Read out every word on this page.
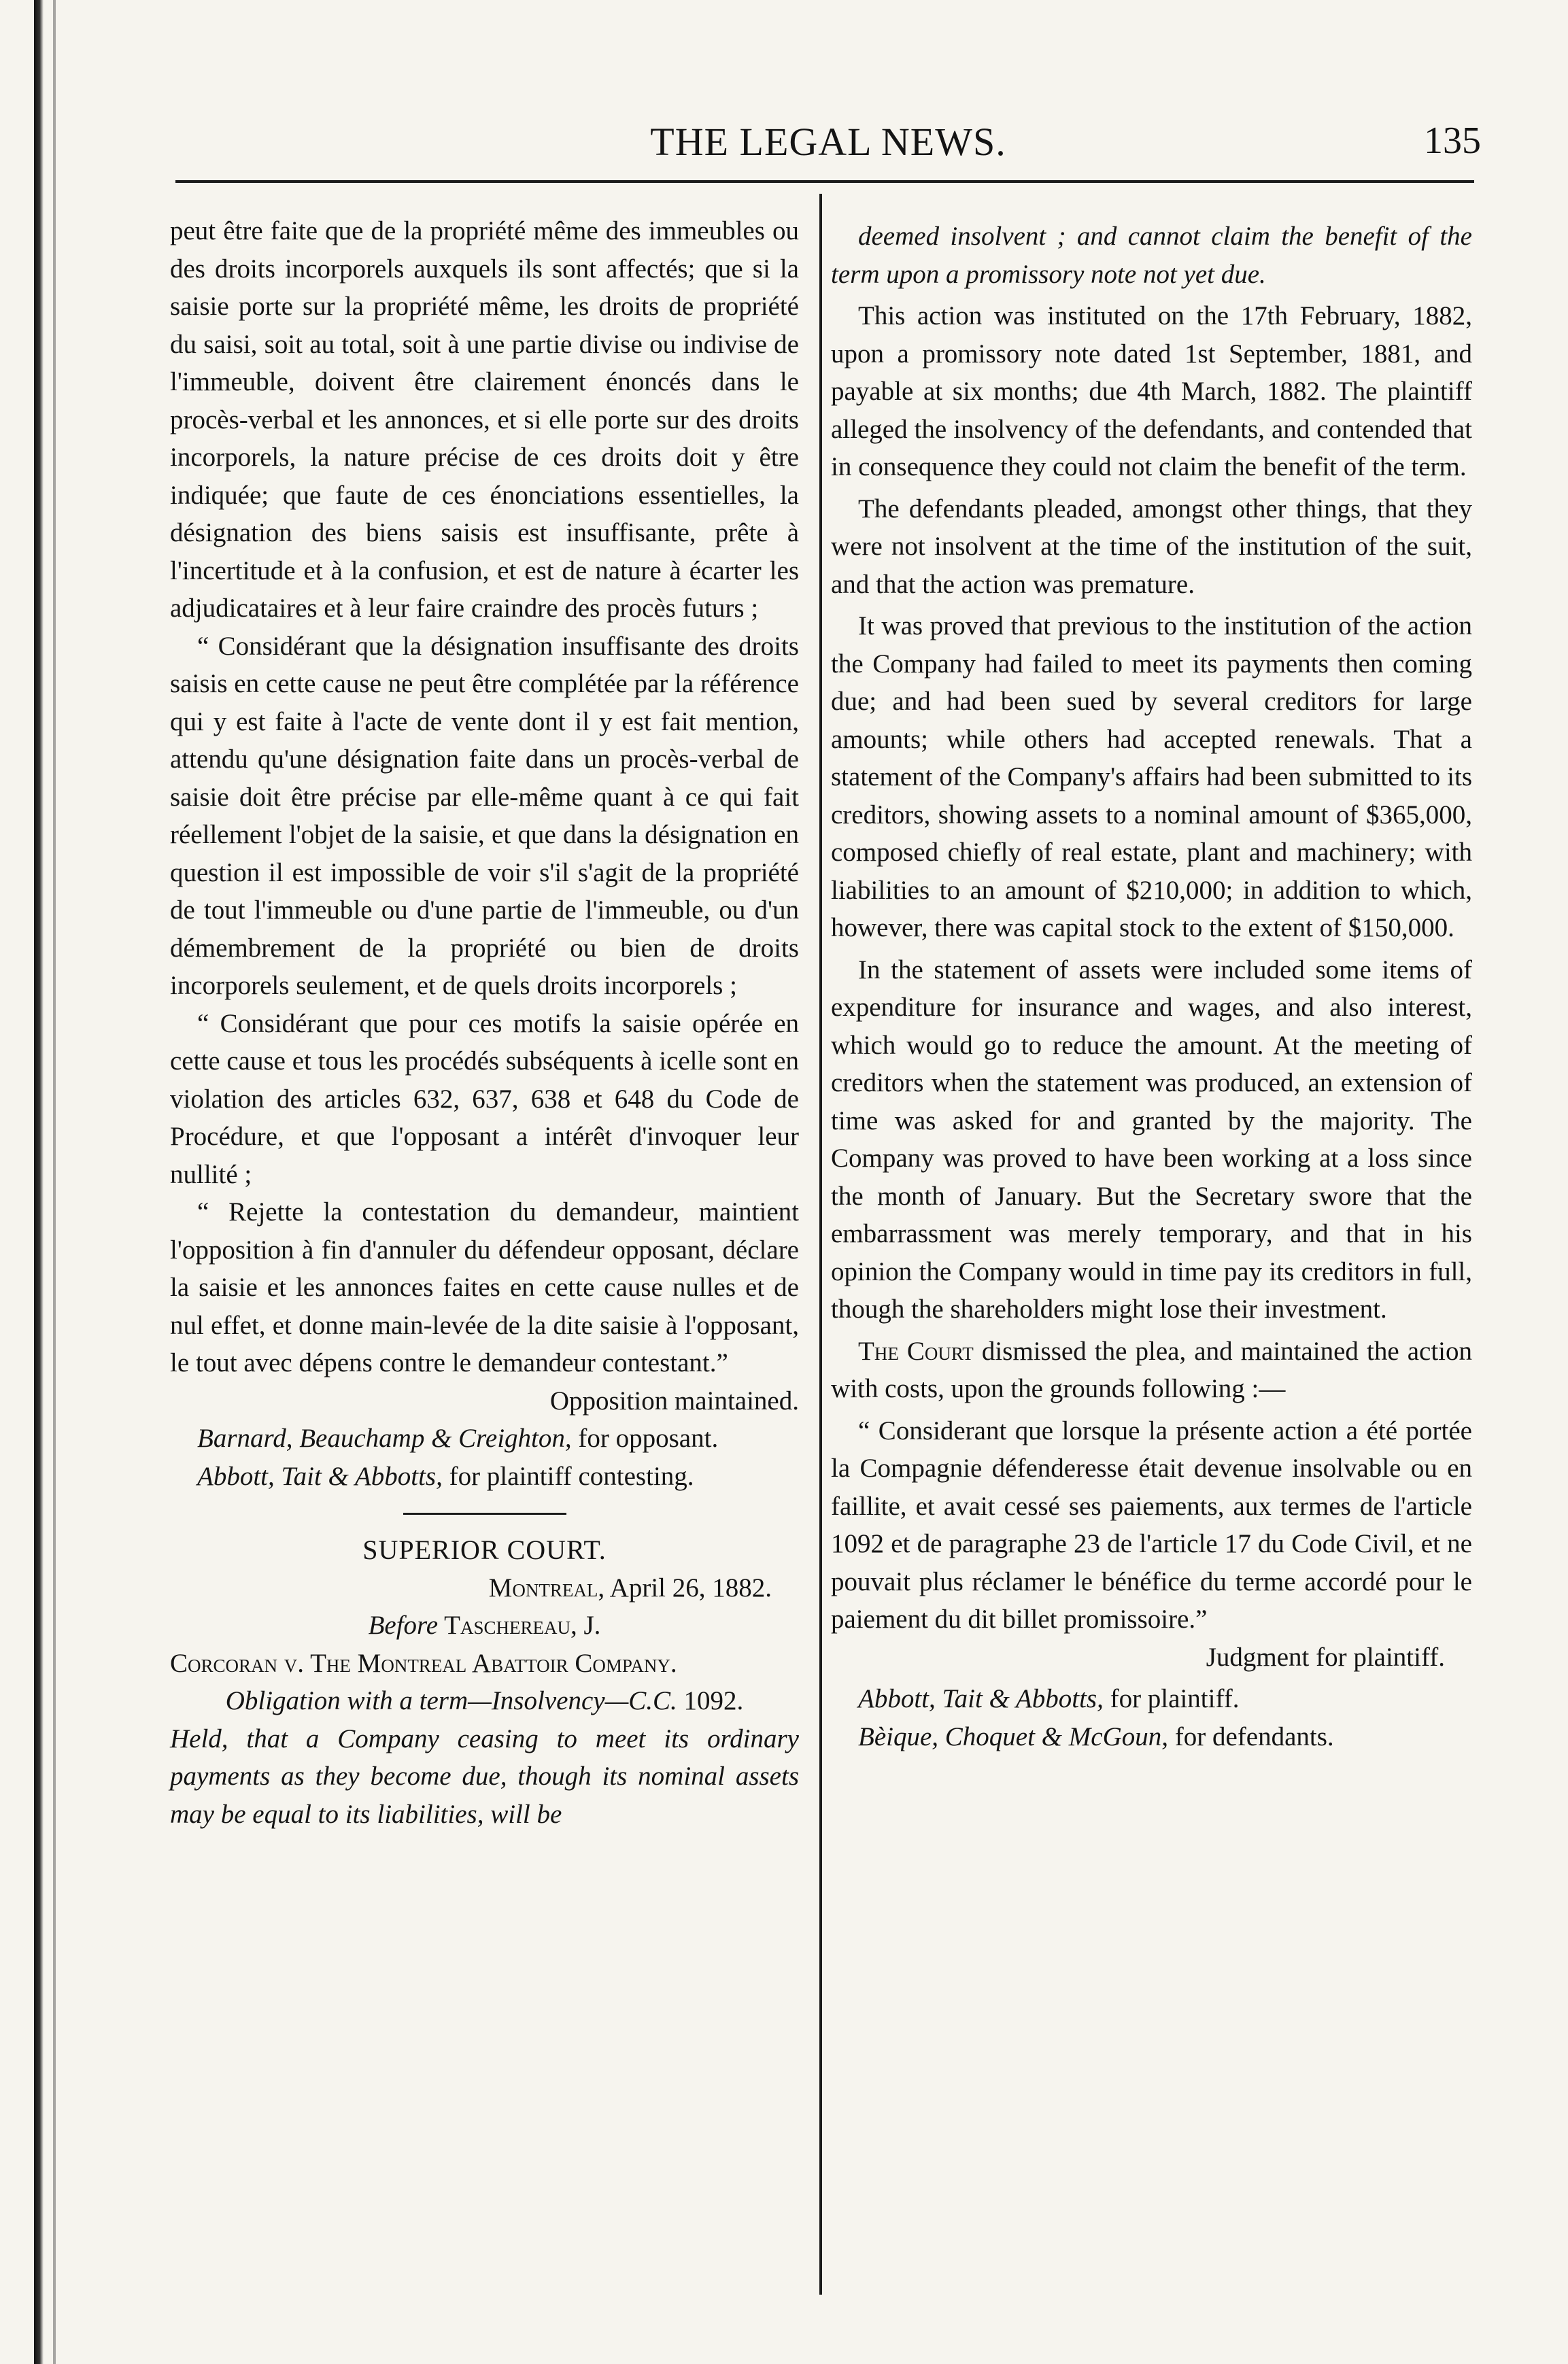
THE LEGAL NEWS.	135

peut être faite que de la propriété même des immeubles ou des droits incorporels auxquels ils sont affectés; que si la saisie porte sur la propriété même, les droits de propriété du saisi, soit au total, soit à une partie divise ou indivise de l'immeuble, doivent être clairement énoncés dans le procès-verbal et les annonces, et si elle porte sur des droits incorporels, la nature précise de ces droits doit y être indiquée; que faute de ces énonciations essentielles, la désignation des biens saisis est insuffisante, prête à l'incertitude et à la confusion, et est de nature à écarter les adjudicataires et à leur faire craindre des procès futurs ;

“ Considérant que la désignation insuffisante des droits saisis en cette cause ne peut être complétée par la référence qui y est faite à l'acte de vente dont il y est fait mention, attendu qu'une désignation faite dans un procès-verbal de saisie doit être précise par elle-même quant à ce qui fait réellement l'objet de la saisie, et que dans la désignation en question il est impossible de voir s'il s'agit de la propriété de tout l'immeuble ou d'une partie de l'immeuble, ou d'un démembrement de la propriété ou bien de droits incorporels seulement, et de quels droits incorporels ;

“ Considérant que pour ces motifs la saisie opérée en cette cause et tous les procédés subséquents à icelle sont en violation des articles 632, 637, 638 et 648 du Code de Procédure, et que l'opposant a intérêt d'invoquer leur nullité ;

“ Rejette la contestation du demandeur, maintient l'opposition à fin d'annuler du défendeur opposant, déclare la saisie et les annonces faites en cette cause nulles et de nul effet, et donne main-levée de la dite saisie à l'opposant, le tout avec dépens contre le demandeur contestant.”

Opposition maintained.

Barnard, Beauchamp & Creighton, for opposant.

Abbott, Tait & Abbotts, for plaintiff contesting.

SUPERIOR COURT.

Montreal, April 26, 1882.

Before Taschereau, J.

Corcoran v. The Montreal Abattoir Company.

Obligation with a term—Insolvency—C.C. 1092.

Held, that a Company ceasing to meet its ordinary payments as they become due, though its nominal assets may be equal to its liabilities, will be

deemed insolvent ; and cannot claim the benefit of the term upon a promissory note not yet due.

This action was instituted on the 17th February, 1882, upon a promissory note dated 1st September, 1881, and payable at six months; due 4th March, 1882. The plaintiff alleged the insolvency of the defendants, and contended that in consequence they could not claim the benefit of the term.

The defendants pleaded, amongst other things, that they were not insolvent at the time of the institution of the suit, and that the action was premature.

It was proved that previous to the institution of the action the Company had failed to meet its payments then coming due; and had been sued by several creditors for large amounts; while others had accepted renewals. That a statement of the Company's affairs had been submitted to its creditors, showing assets to a nominal amount of $365,000, composed chiefly of real estate, plant and machinery; with liabilities to an amount of $210,000; in addition to which, however, there was capital stock to the extent of $150,000.

In the statement of assets were included some items of expenditure for insurance and wages, and also interest, which would go to reduce the amount. At the meeting of creditors when the statement was produced, an extension of time was asked for and granted by the majority. The Company was proved to have been working at a loss since the month of January. But the Secretary swore that the embarrassment was merely temporary, and that in his opinion the Company would in time pay its creditors in full, though the shareholders might lose their investment.

The Court dismissed the plea, and maintained the action with costs, upon the grounds following :—

“ Considerant que lorsque la présente action a été portée la Compagnie défenderesse était devenue insolvable ou en faillite, et avait cessé ses paiements, aux termes de l'article 1092 et de paragraphe 23 de l'article 17 du Code Civil, et ne pouvait plus réclamer le bénéfice du terme accordé pour le paiement du dit billet promissoire.”

Judgment for plaintiff.

Abbott, Tait & Abbotts, for plaintiff.

Bèique, Choquet & McGoun, for defendants.
